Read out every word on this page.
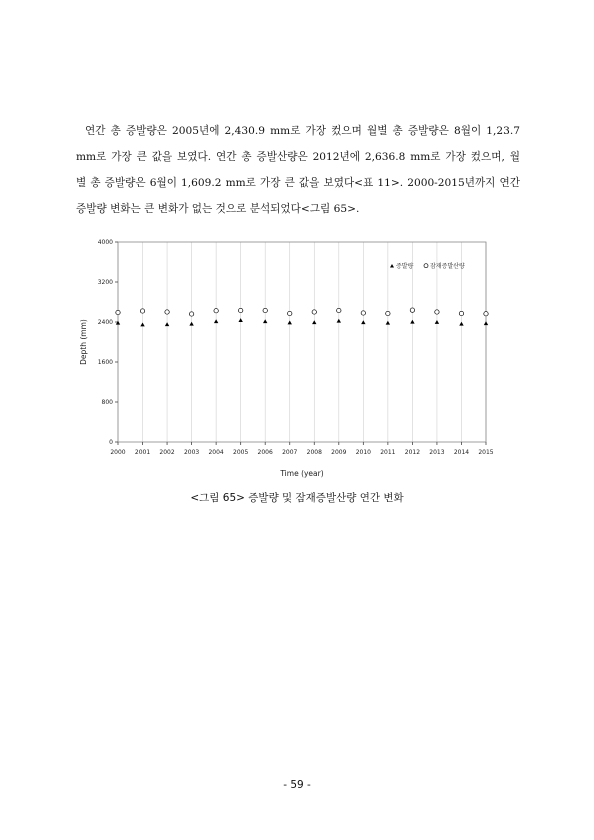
연간 총 증발량은 2005년에 2,430.9 mm로 가장 컸으며 월별 총 증발량은 8월이 1,23.7
mm로 가장 큰 값을 보였다. 연간 총 증발산량은 2012년에 2,636.8 mm로 가장 컸으며, 월
별 총 증발량은 6월이 1,609.2 mm로 가장 큰 값을 보였다<표 11>. 2000-2015년까지 연간
증발량 변화는 큰 변화가 없는 것으로 분석되었다<그림 65>.
0
800
1600
2400
3200
4000
2000 2001 2002 2003 2004 2005 2006 2007 2008 2009 2010 2011 2012 2013 2014 2015
Time (year)
Depth (mm)
증발량	잠재증발산량

<그림 65> 증발량 및 잠재증발산량 연간 변화

- 59 -
